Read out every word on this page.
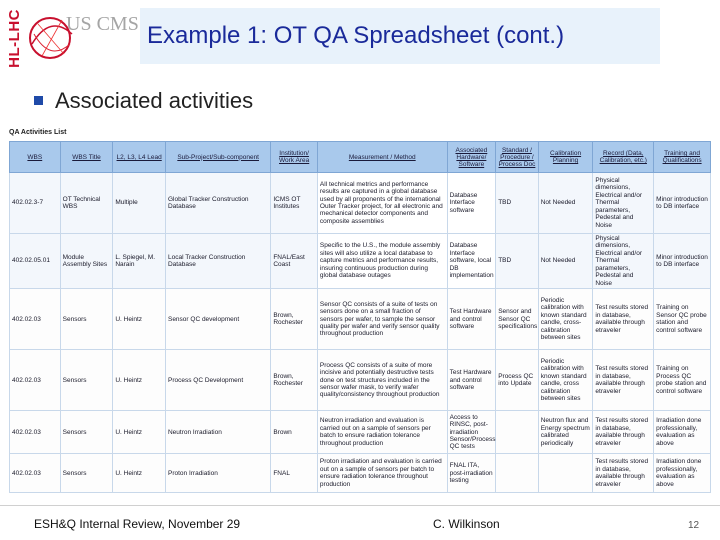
HL-LHC US CMS Example 1: OT QA Spreadsheet (cont.)
Associated activities
QA Activities List
WBS	WBS Title	L2, L3, L4 Lead	Sub-Project/Sub-component	Institution/ Work Area	Measurement / Method	Associated Hardware/ Software	Standard / Procedure / Process Doc	Calibration Planning	Record (Data, Calibration, etc.)	Training and Qualifications
402.02.3-7	OT Technical WBS	Multiple	Global Tracker Construction Database	ICMS OT Institutes	All technical metrics and performance results are captured in a global database used by all proponents of the international Outer Tracker project, for all electronic and mechanical detector components and composite assemblies	Database Interface software	TBD	Not Needed	Physical dimensions, Electrical and/or Thermal parameters, Pedestal and Noise	Minor introduction to DB interface
402.02.05.01	Module Assembly Sites	L. Spiegel, M. Narain	Local Tracker Construction Database	FNAL/East Coast	Specific to the U.S., the module assembly sites will also utilize a local database to capture metrics and performance results, insuring continuous production during global database outages	Database Interface software, local DB implementation	TBD	Not Needed	Physical dimensions, Electrical and/or Thermal parameters, Pedestal and Noise	Minor introduction to DB interface
402.02.03	Sensors	U. Heintz	Sensor QC development	Brown, Rochester	Sensor QC consists of a suite of tests on sensors done on a small fraction of sensors per wafer, to sample the sensor quality per wafer and verify sensor quality throughout production	Test Hardware and control software	Sensor and Sensor QC specifications	Periodic calibration with known standard candle, cross-calibration between sites	Test results stored in database, available through etraveler	Training on Sensor QC probe station and control software
402.02.03	Sensors	U. Heintz	Process QC Development	Brown, Rochester	Process QC consists of a suite of more incisive and potentially destructive tests done on test structures included in the sensor wafer mask, to verify wafer quality/consistency throughout production	Test Hardware and control software	Process QC into Update	Periodic calibration with known standard candle, cross calibration between sites	Test results stored in database, available through etraveler	Training on Process QC probe station and control software
402.02.03	Sensors	U. Heintz	Neutron Irradiation	Brown	Neutron irradiation and evaluation is carried out on a sample of sensors per batch to ensure radiation tolerance throughout production	Access to RINSC, post-irradiation Sensor/Process QC tests		Neutron flux and Energy spectrum calibrated periodically	Test results stored in database, available through etraveler	Irradiation done professionally, evaluation as above
402.02.03	Sensors	U. Heintz	Proton Irradiation	FNAL	Proton irradiation and evaluation is carried out on a sample of sensors per batch to ensure radiation tolerance throughout production	FNAL ITA, post-irradiation testing			Test results stored in database, available through etraveler	Irradiation done professionally, evaluation as above
ESH&Q Internal Review, November 29	C. Wilkinson	12
